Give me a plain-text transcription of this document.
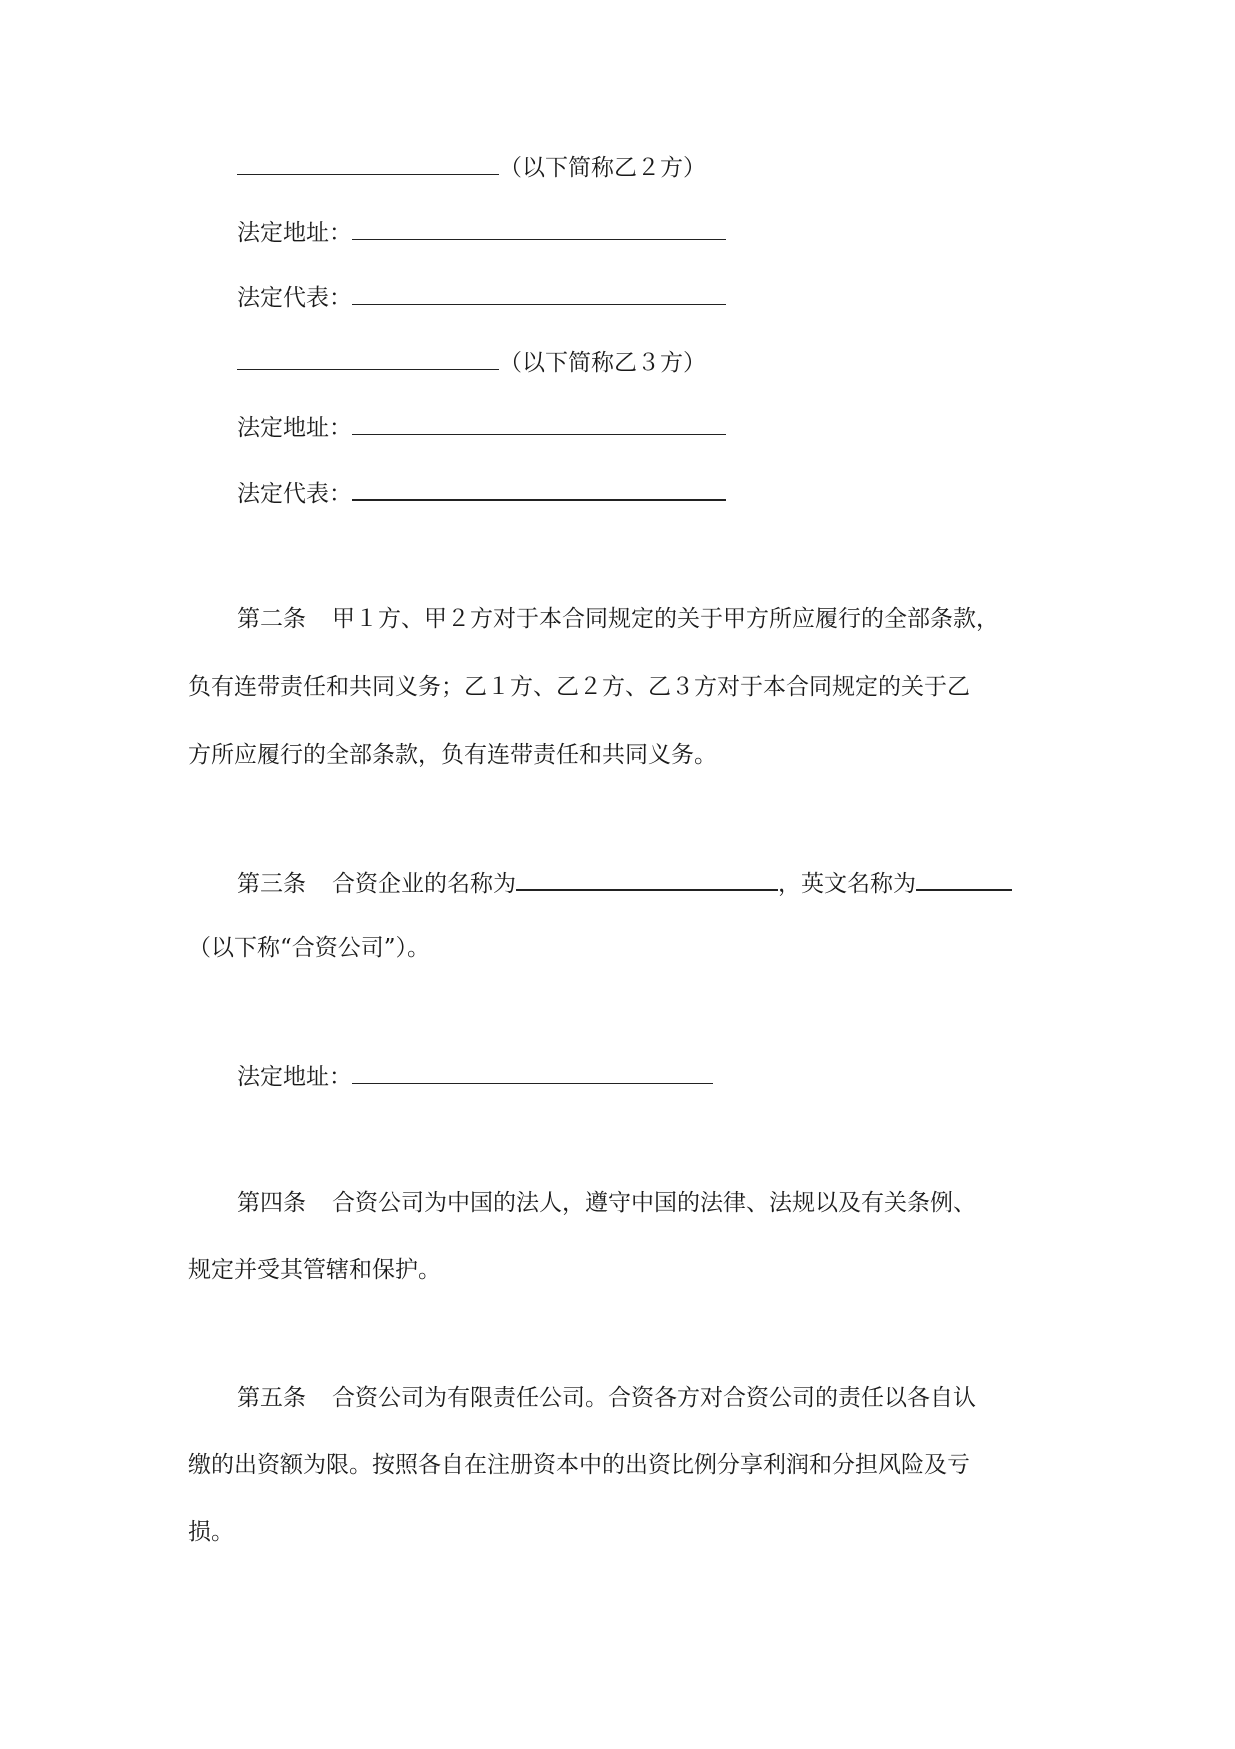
（以下简称乙２方）
法定地址：
法定代表：
（以下简称乙３方）
法定地址：
法定代表：
第二条 甲１方、甲２方对于本合同规定的关于甲方所应履行的全部条款，
负有连带责任和共同义务；乙１方、乙２方、乙３方对于本合同规定的关于乙
方所应履行的全部条款，负有连带责任和共同义务。
第三条 合资企业的名称为	，英文名称为
（以下称“合资公司”）。
法定地址：
第四条 合资公司为中国的法人，遵守中国的法律、法规以及有关条例、
规定并受其管辖和保护。
第五条 合资公司为有限责任公司。合资各方对合资公司的责任以各自认
缴的出资额为限。按照各自在注册资本中的出资比例分享利润和分担风险及亏
损。
